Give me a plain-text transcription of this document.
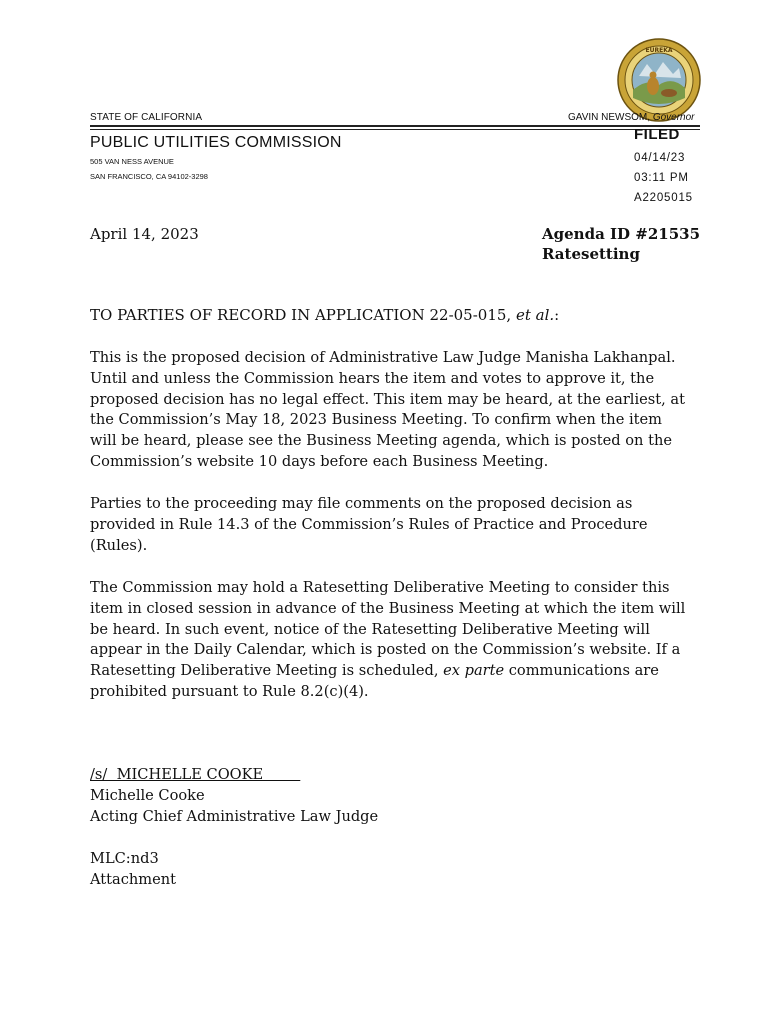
EUREKA
STATE OF CALIFORNIA	GAVIN NEWSOM, Governor
PUBLIC UTILITIES COMMISSION
505 VAN NESS AVENUE
SAN FRANCISCO, CA 94102-3298
FILED
04/14/23
03:11 PM
A2205015
April 14, 2023	Agenda ID #21535
Ratesetting
TO PARTIES OF RECORD IN APPLICATION 22-05-015, et al.:
This is the proposed decision of Administrative Law Judge Manisha Lakhanpal.
Until and unless the Commission hears the item and votes to approve it, the
proposed decision has no legal effect. This item may be heard, at the earliest, at
the Commission’s May 18, 2023 Business Meeting. To confirm when the item
will be heard, please see the Business Meeting agenda, which is posted on the
Commission’s website 10 days before each Business Meeting.
Parties to the proceeding may file comments on the proposed decision as
provided in Rule 14.3 of the Commission’s Rules of Practice and Procedure
(Rules).
The Commission may hold a Ratesetting Deliberative Meeting to consider this
item in closed session in advance of the Business Meeting at which the item will
be heard. In such event, notice of the Ratesetting Deliberative Meeting will
appear in the Daily Calendar, which is posted on the Commission’s website. If a
Ratesetting Deliberative Meeting is scheduled, ex parte communications are
prohibited pursuant to Rule 8.2(c)(4).
/s/  MICHELLE COOKE
Michelle Cooke
Acting Chief Administrative Law Judge
MLC:nd3
Attachment
